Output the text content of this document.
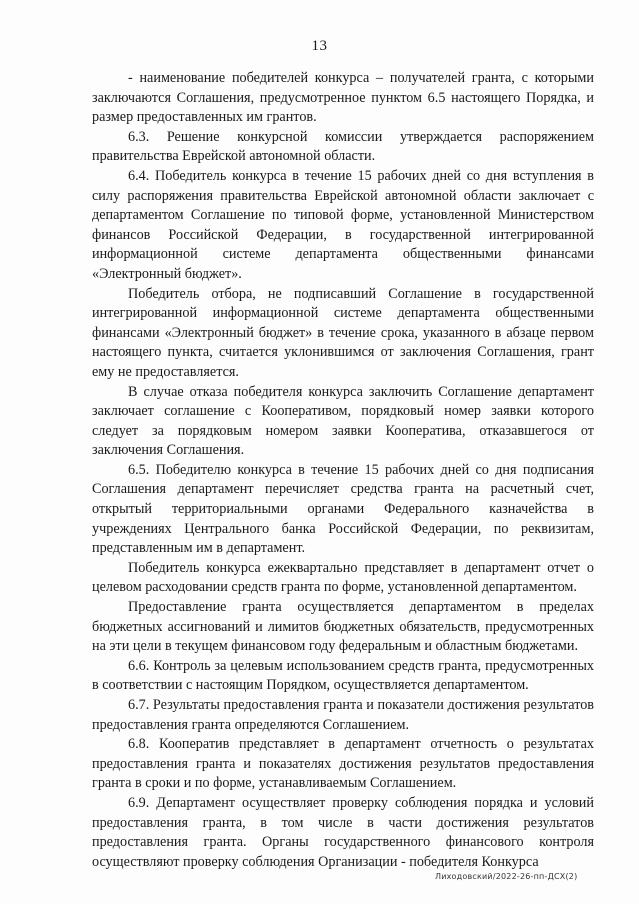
13

- наименование победителей конкурса – получателей гранта, с которыми заключаются Соглашения, предусмотренное пунктом 6.5 настоящего Порядка, и размер предоставленных им грантов.

6.3. Решение конкурсной комиссии утверждается распоряжением правительства Еврейской автономной области.

6.4. Победитель конкурса в течение 15 рабочих дней со дня вступления в силу распоряжения правительства Еврейской автономной области заключает с департаментом Соглашение по типовой форме, установленной Министерством финансов Российской Федерации, в государственной интегрированной информационной системе департамента общественными финансами «Электронный бюджет».

Победитель отбора, не подписавший Соглашение в государственной интегрированной информационной системе департамента общественными финансами «Электронный бюджет» в течение срока, указанного в абзаце первом настоящего пункта, считается уклонившимся от заключения Соглашения, грант ему не предоставляется.

В случае отказа победителя конкурса заключить Соглашение департамент заключает соглашение с Кооперативом, порядковый номер заявки которого следует за порядковым номером заявки Кооператива, отказавшегося от заключения Соглашения.

6.5. Победителю конкурса в течение 15 рабочих дней со дня подписания Соглашения департамент перечисляет средства гранта на расчетный счет, открытый территориальными органами Федерального казначейства в учреждениях Центрального банка Российской Федерации, по реквизитам, представленным им в департамент.

Победитель конкурса ежеквартально представляет в департамент отчет о целевом расходовании средств гранта по форме, установленной департаментом.

Предоставление гранта осуществляется департаментом в пределах бюджетных ассигнований и лимитов бюджетных обязательств, предусмотренных на эти цели в текущем финансовом году федеральным и областным бюджетами.

6.6. Контроль за целевым использованием средств гранта, предусмотренных в соответствии с настоящим Порядком, осуществляется департаментом.

6.7. Результаты предоставления гранта и показатели достижения результатов предоставления гранта определяются Соглашением.

6.8. Кооператив представляет в департамент отчетность о результатах предоставления гранта и показателях достижения результатов предоставления гранта в сроки и по форме, устанавливаемым Соглашением.

6.9. Департамент осуществляет проверку соблюдения порядка и условий предоставления гранта, в том числе в части достижения результатов предоставления гранта. Органы государственного финансового контроля осуществляют проверку соблюдения Организации - победителя Конкурса

Лиходовский/2022-26-пп-ДСХ(2)
